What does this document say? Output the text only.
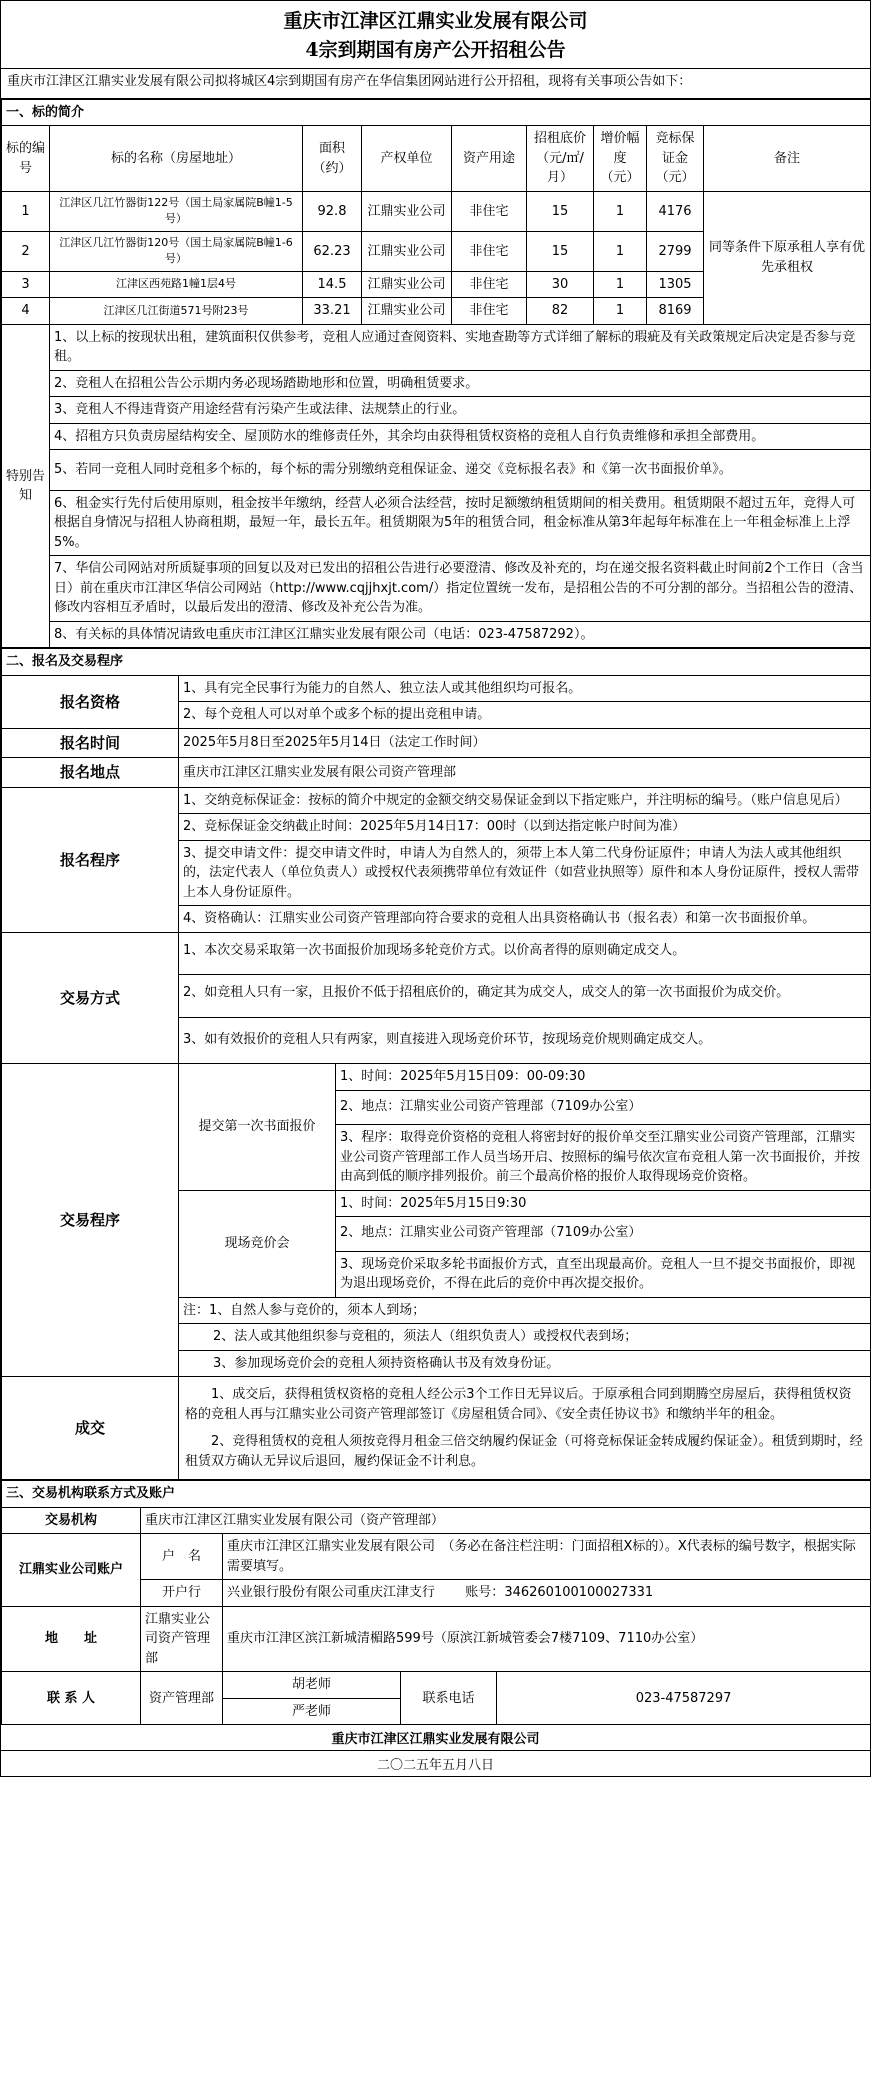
重庆市江津区江鼎实业发展有限公司
4宗到期国有房产公开招租公告
重庆市江津区江鼎实业发展有限公司拟将城区4宗到期国有房产在华信集团网站进行公开招租，现将有关事项公告如下：
一、标的简介								
标的编号	标的名称（房屋地址）	面积（约）	产权单位	资产用途	招租底价（元/㎡/月）	增价幅度（元）	竞标保证金（元）	备注
1	江津区几江竹器街122号（国土局家属院B幢1-5号）	92.8	江鼎实业公司	非住宅	15	1	4176	同等条件下原承租人享有优先承租权
2	江津区几江竹器街120号（国土局家属院B幢1-6号）	62.23	江鼎实业公司	非住宅	15	1	2799	
3	江津区西苑路1幢1层4号	14.5	江鼎实业公司	非住宅	30	1	1305	
4	江津区几江街道571号附23号	33.21	江鼎实业公司	非住宅	82	1	8169	
特别告知	1、以上标的按现状出租，建筑面积仅供参考，竞租人应通过查阅资料、实地查勘等方式详细了解标的瑕疵及有关政策规定后决定是否参与竞租。							
	2、竞租人在招租公告公示期内务必现场踏勘地形和位置，明确租赁要求。							
	3、竞租人不得违背资产用途经营有污染产生或法律、法规禁止的行业。							
	4、招租方只负责房屋结构安全、屋顶防水的维修责任外，其余均由获得租赁权资格的竞租人自行负责维修和承担全部费用。							
	5、若同一竞租人同时竞租多个标的，每个标的需分别缴纳竞租保证金、递交《竞标报名表》和《第一次书面报价单》。							
	6、租金实行先付后使用原则，租金按半年缴纳，经营人必须合法经营，按时足额缴纳租赁期间的相关费用。租赁期限不超过五年，竞得人可根据自身情况与招租人协商租期，最短一年，最长五年。租赁期限为5年的租赁合同，租金标准从第3年起每年标准在上一年租金标准上上浮5%。							
	7、华信公司网站对所质疑事项的回复以及对已发出的招租公告进行必要澄清、修改及补充的，均在递交报名资料截止时间前2个工作日（含当日）前在重庆市江津区华信公司网站（http://www.cqjjhxjt.com/）指定位置统一发布，是招租公告的不可分割的部分。当招租公告的澄清、修改内容相互矛盾时，以最后发出的澄清、修改及补充公告为准。							
	8、有关标的具体情况请致电重庆市江津区江鼎实业发展有限公司（电话：023-47587292）。							
二、报名及交易程序		
报名资格	1、具有完全民事行为能力的自然人、独立法人或其他组织均可报名。	
	2、每个竞租人可以对单个或多个标的提出竞租申请。	
报名时间	2025年5月8日至2025年5月14日（法定工作时间）	
报名地点	重庆市江津区江鼎实业发展有限公司资产管理部	
报名程序	1、交纳竞标保证金：按标的简介中规定的金额交纳交易保证金到以下指定账户，并注明标的编号。（账户信息见后）	
	2、竞标保证金交纳截止时间：2025年5月14日17：00时（以到达指定帐户时间为准）	
	3、提交申请文件：提交申请文件时，申请人为自然人的，须带上本人第二代身份证原件；申请人为法人或其他组织的，法定代表人（单位负责人）或授权代表须携带单位有效证件（如营业执照等）原件和本人身份证原件，授权人需带上本人身份证原件。	
	4、资格确认：江鼎实业公司资产管理部向符合要求的竞租人出具资格确认书（报名表）和第一次书面报价单。	
交易方式	1、本次交易采取第一次书面报价加现场多轮竞价方式。以价高者得的原则确定成交人。	
	2、如竞租人只有一家，且报价不低于招租底价的，确定其为成交人，成交人的第一次书面报价为成交价。	
	3、如有效报价的竞租人只有两家，则直接进入现场竞价环节，按现场竞价规则确定成交人。	
交易程序	提交第一次书面报价	1、时间：2025年5月15日09：00-09:30
		2、地点：江鼎实业公司资产管理部（7109办公室）
		3、程序：取得竞价资格的竞租人将密封好的报价单交至江鼎实业公司资产管理部，江鼎实业公司资产管理部工作人员当场开启、按照标的编号依次宣布竞租人第一次书面报价，并按由高到低的顺序排列报价。前三个最高价格的报价人取得现场竞价资格。
	现场竞价会	1、时间：2025年5月15日9:30
		2、地点：江鼎实业公司资产管理部（7109办公室）
		3、现场竞价采取多轮书面报价方式，直至出现最高价。竞租人一旦不提交书面报价，即视为退出现场竞价，不得在此后的竞价中再次提交报价。
	注：1、自然人参与竞价的，须本人到场；	
	2、法人或其他组织参与竞租的，须法人（组织负责人）或授权代表到场；	
	3、参加现场竞价会的竞租人须持资格确认书及有效身份证。	
成交	1、成交后，获得租赁权资格的竞租人经公示3个工作日无异议后。于原承租合同到期腾空房屋后，获得租赁权资格的竞租人再与江鼎实业公司资产管理部签订《房屋租赁合同》、《安全责任协议书》和缴纳半年的租金。
2、竞得租赁权的竞租人须按竞得月租金三倍交纳履约保证金（可将竞标保证金转成履约保证金）。租赁到期时，经租赁双方确认无异议后退回，履约保证金不计利息。	
三、交易机构联系方式及账户				
交易机构	重庆市江津区江鼎实业发展有限公司（资产管理部）			
江鼎实业公司账户	户　名	重庆市江津区江鼎实业发展有限公司　（务必在备注栏注明：门面招租X标的）。X代表标的编号数字，根据实际需要填写。		
	开户行	兴业银行股份有限公司重庆江津支行 账号：346260100100027331		
地　　址	江鼎实业公司资产管理部	重庆市江津区滨江新城清楣路599号（原滨江新城管委会7楼7109、7110办公室）		
联 系 人	资产管理部	胡老师	联系电话	023-47587297
		严老师		
重庆市江津区江鼎实业发展有限公司
二〇二五年五月八日
